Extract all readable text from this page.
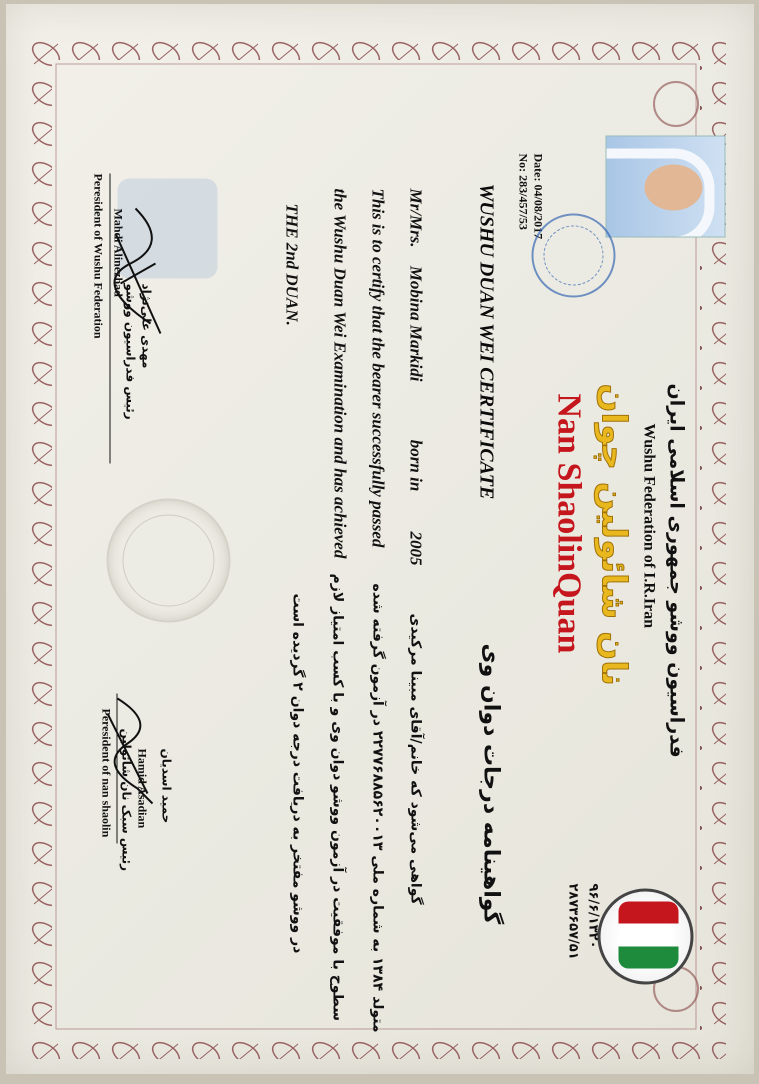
فدراسیون ووشو جمهوری اسلامی ایران
Wushu Federation of I.R.Iran
نان شائولین چوان
Nan ShaolinQuan
Date: 04/08/2017
No: 283/457/53
۹۶/۶/۱۳۲۰
۲۸۷۳۶۵۷/۵۱
گواهینامه درجات دوان وی
WUSHU DUAN WEI CERTIFICATE
گواهی می‌شود که خانم/آقای مبینا مرکیدی
متولد ۱۳۸۴ به شماره ملی ۲۲۷۷۶۸۸۵۶۲۰۰۱۳ در آزمون گرفته شده
سطوح با موفقیت در آزمون ووشو دوان وی و با کسب امتیاز لازم
در ووشو مفتخر به دریافت درجه دوان ۲ گردیده است
Mr/Mrs. Mobina Markidi born in 2005
This is to certify that the bearer successfully passed
the Wushu Duan Wei Examination and has achieved
THE 2nd DUAN.
حمید اسدیان
Hamid Asadian
رئیس سبک نان شائولین
Peresident of nan shaolin
مهدی علی‌نژاد
Mahdi Alinezhad
رئیس فدراسیون ووشو
Peresident of Wushu Federation
